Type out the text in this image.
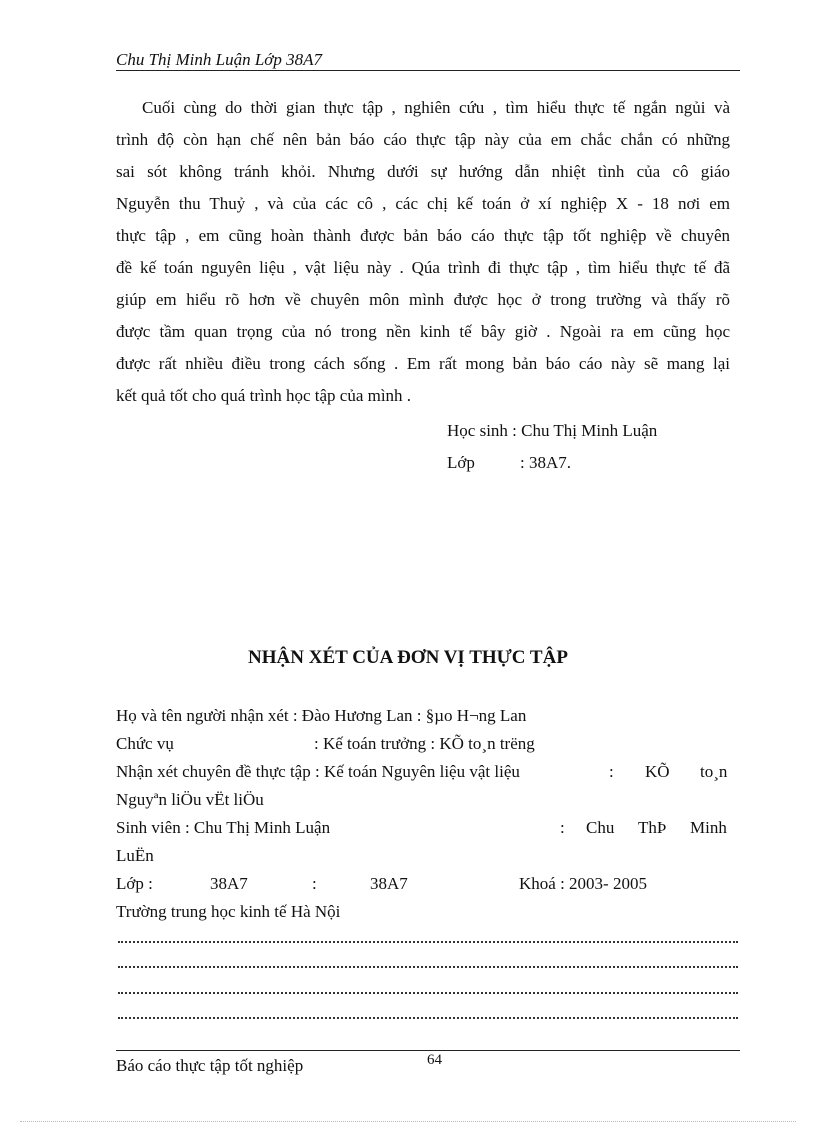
Chu Thị Minh Luận Lớp 38A7
Cuối cùng do thời gian thực tập , nghiên cứu , tìm hiểu thực tế ngắn ngủi và
trình độ còn hạn chế nên bản báo cáo thực tập này của em chắc chắn có những
sai sót không tránh khỏi. Nhưng dưới sự hướng dẫn nhiệt tình của cô giáo
Nguyễn thu Thuỷ , và của các cô , các chị kế toán ở xí nghiệp X - 18 nơi em
thực tập , em cũng hoàn thành được bản báo cáo thực tập tốt nghiệp về chuyên
đề kế toán nguyên liệu , vật liệu này . Qúa trình đi thực tập , tìm hiểu thực tế đã
giúp em hiểu rõ hơn về chuyên môn mình được học ở trong trường và thấy rõ
được tầm quan trọng của nó trong nền kinh tế bây giờ . Ngoài ra em cũng học
được rất nhiều điều trong cách sống . Em rất mong bản báo cáo này sẽ mang lại
kết quả tốt cho quá trình học tập của mình .
Học sinh : Chu Thị Minh Luận
Lớp	: 38A7.
NHẬN XÉT CỦA ĐƠN VỊ THỰC TẬP
Họ và tên người nhận xét : Đào Hương Lan : §µo H¬ng Lan
Chức vụ	: Kế toán trưởng : KÕ to¸n trëng
Nhận xét chuyên đề thực tập : Kế toán Nguyên liệu vật liệu	: KÕ to¸n
Nguyªn liÖu vËt liÖu
Sinh viên : Chu Thị Minh Luận	: Chu ThÞ Minh
LuËn
Lớp :	38A7	:	38A7	Khoá : 2003- 2005
Trường trung học kinh tế Hà Nội
64
Báo cáo thực tập tốt nghiệp
